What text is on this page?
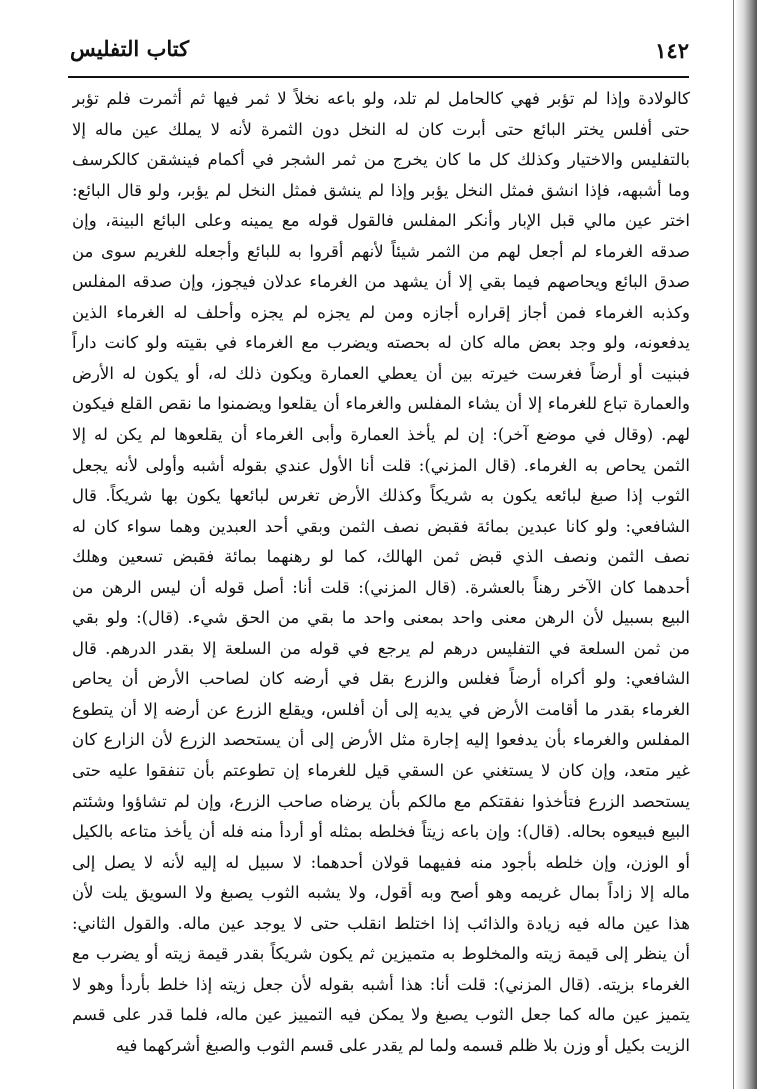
١٤٢
كتاب التفليس
كالولادة وإذا لم تؤبر فهي كالحامل لم تلد، ولو باعه نخلاً لا ثمر فيها ثم أثمرت فلم تؤبر
حتى أفلس يختر البائع حتى أبرت كان له النخل دون الثمرة لأنه لا يملك عين ماله إلا
بالتفليس والاختيار وكذلك كل ما كان يخرج من ثمر الشجر في أكمام فينشقن كالكرسف
وما أشبهه، فإذا انشق فمثل النخل يؤبر وإذا لم ينشق فمثل النخل لم يؤبر، ولو قال البائع:
اختر عين مالي قبل الإبار وأنكر المفلس فالقول قوله مع يمينه وعلى البائع البينة، وإن
صدقه الغرماء لم أجعل لهم من الثمر شيئاً لأنهم أقروا به للبائع وأجعله للغريم سوى من
صدق البائع ويحاصهم فيما بقي إلا أن يشهد من الغرماء عدلان فيجوز، وإن صدقه المفلس
وكذبه الغرماء فمن أجاز إقراره أجازه ومن لم يجزه لم يجزه وأحلف له الغرماء الذين
يدفعونه، ولو وجد بعض ماله كان له بحصته ويضرب مع الغرماء في بقيته ولو كانت داراً
فبنيت أو أرضاً فغرست خيرته بين أن يعطي العمارة ويكون ذلك له، أو يكون له الأرض
والعمارة تباع للغرماء إلا أن يشاء المفلس والغرماء أن يقلعوا ويضمنوا ما نقص القلع فيكون
لهم. (وقال في موضع آخر): إن لم يأخذ العمارة وأبى الغرماء أن يقلعوها لم يكن له إلا
الثمن يحاص به الغرماء. (قال المزني): قلت أنا الأول عندي بقوله أشبه وأولى لأنه يجعل
الثوب إذا صبغ لبائعه يكون به شريكاً وكذلك الأرض تغرس لبائعها يكون بها شريكاً. قال
الشافعي: ولو كانا عبدين بمائة فقبض نصف الثمن وبقي أحد العبدين وهما سواء كان له
نصف الثمن ونصف الذي قبض ثمن الهالك، كما لو رهنهما بمائة فقبض تسعين وهلك
أحدهما كان الآخر رهناً بالعشرة. (قال المزني): قلت أنا: أصل قوله أن ليس الرهن من
البيع بسبيل لأن الرهن معنى واحد بمعنى واحد ما بقي من الحق شيء. (قال): ولو بقي
من ثمن السلعة في التفليس درهم لم يرجع في قوله من السلعة إلا بقدر الدرهم. قال
الشافعي: ولو أكراه أرضاً فغلس والزرع بقل في أرضه كان لصاحب الأرض أن يحاص
الغرماء بقدر ما أقامت الأرض في يديه إلى أن أفلس، ويقلع الزرع عن أرضه إلا أن يتطوع
المفلس والغرماء بأن يدفعوا إليه إجارة مثل الأرض إلى أن يستحصد الزرع لأن الزارع كان
غير متعد، وإن كان لا يستغني عن السقي قيل للغرماء إن تطوعتم بأن تنفقوا عليه حتى
يستحصد الزرع فتأخذوا نفقتكم مع مالكم بأن يرضاه صاحب الزرع، وإن لم تشاؤوا وشئتم
البيع فبيعوه بحاله. (قال): وإن باعه زيتاً فخلطه بمثله أو أردأ منه فله أن يأخذ متاعه بالكيل
أو الوزن، وإن خلطه بأجود منه ففيهما قولان أحدهما: لا سبيل له إليه لأنه لا يصل إلى
ماله إلا زاداً بمال غريمه وهو أصح وبه أقول، ولا يشبه الثوب يصبغ ولا السويق يلت لأن
هذا عين ماله فيه زيادة والذائب إذا اختلط انقلب حتى لا يوجد عين ماله. والقول الثاني:
أن ينظر إلى قيمة زيته والمخلوط به متميزين ثم يكون شريكاً بقدر قيمة زيته أو يضرب مع
الغرماء بزيته. (قال المزني): قلت أنا: هذا أشبه بقوله لأن جعل زيته إذا خلط بأردأ وهو لا
يتميز عين ماله كما جعل الثوب يصبغ ولا يمكن فيه التمييز عين ماله، فلما قدر على قسم
الزيت بكيل أو وزن بلا ظلم قسمه ولما لم يقدر على قسم الثوب والصبغ أشركهما فيه
